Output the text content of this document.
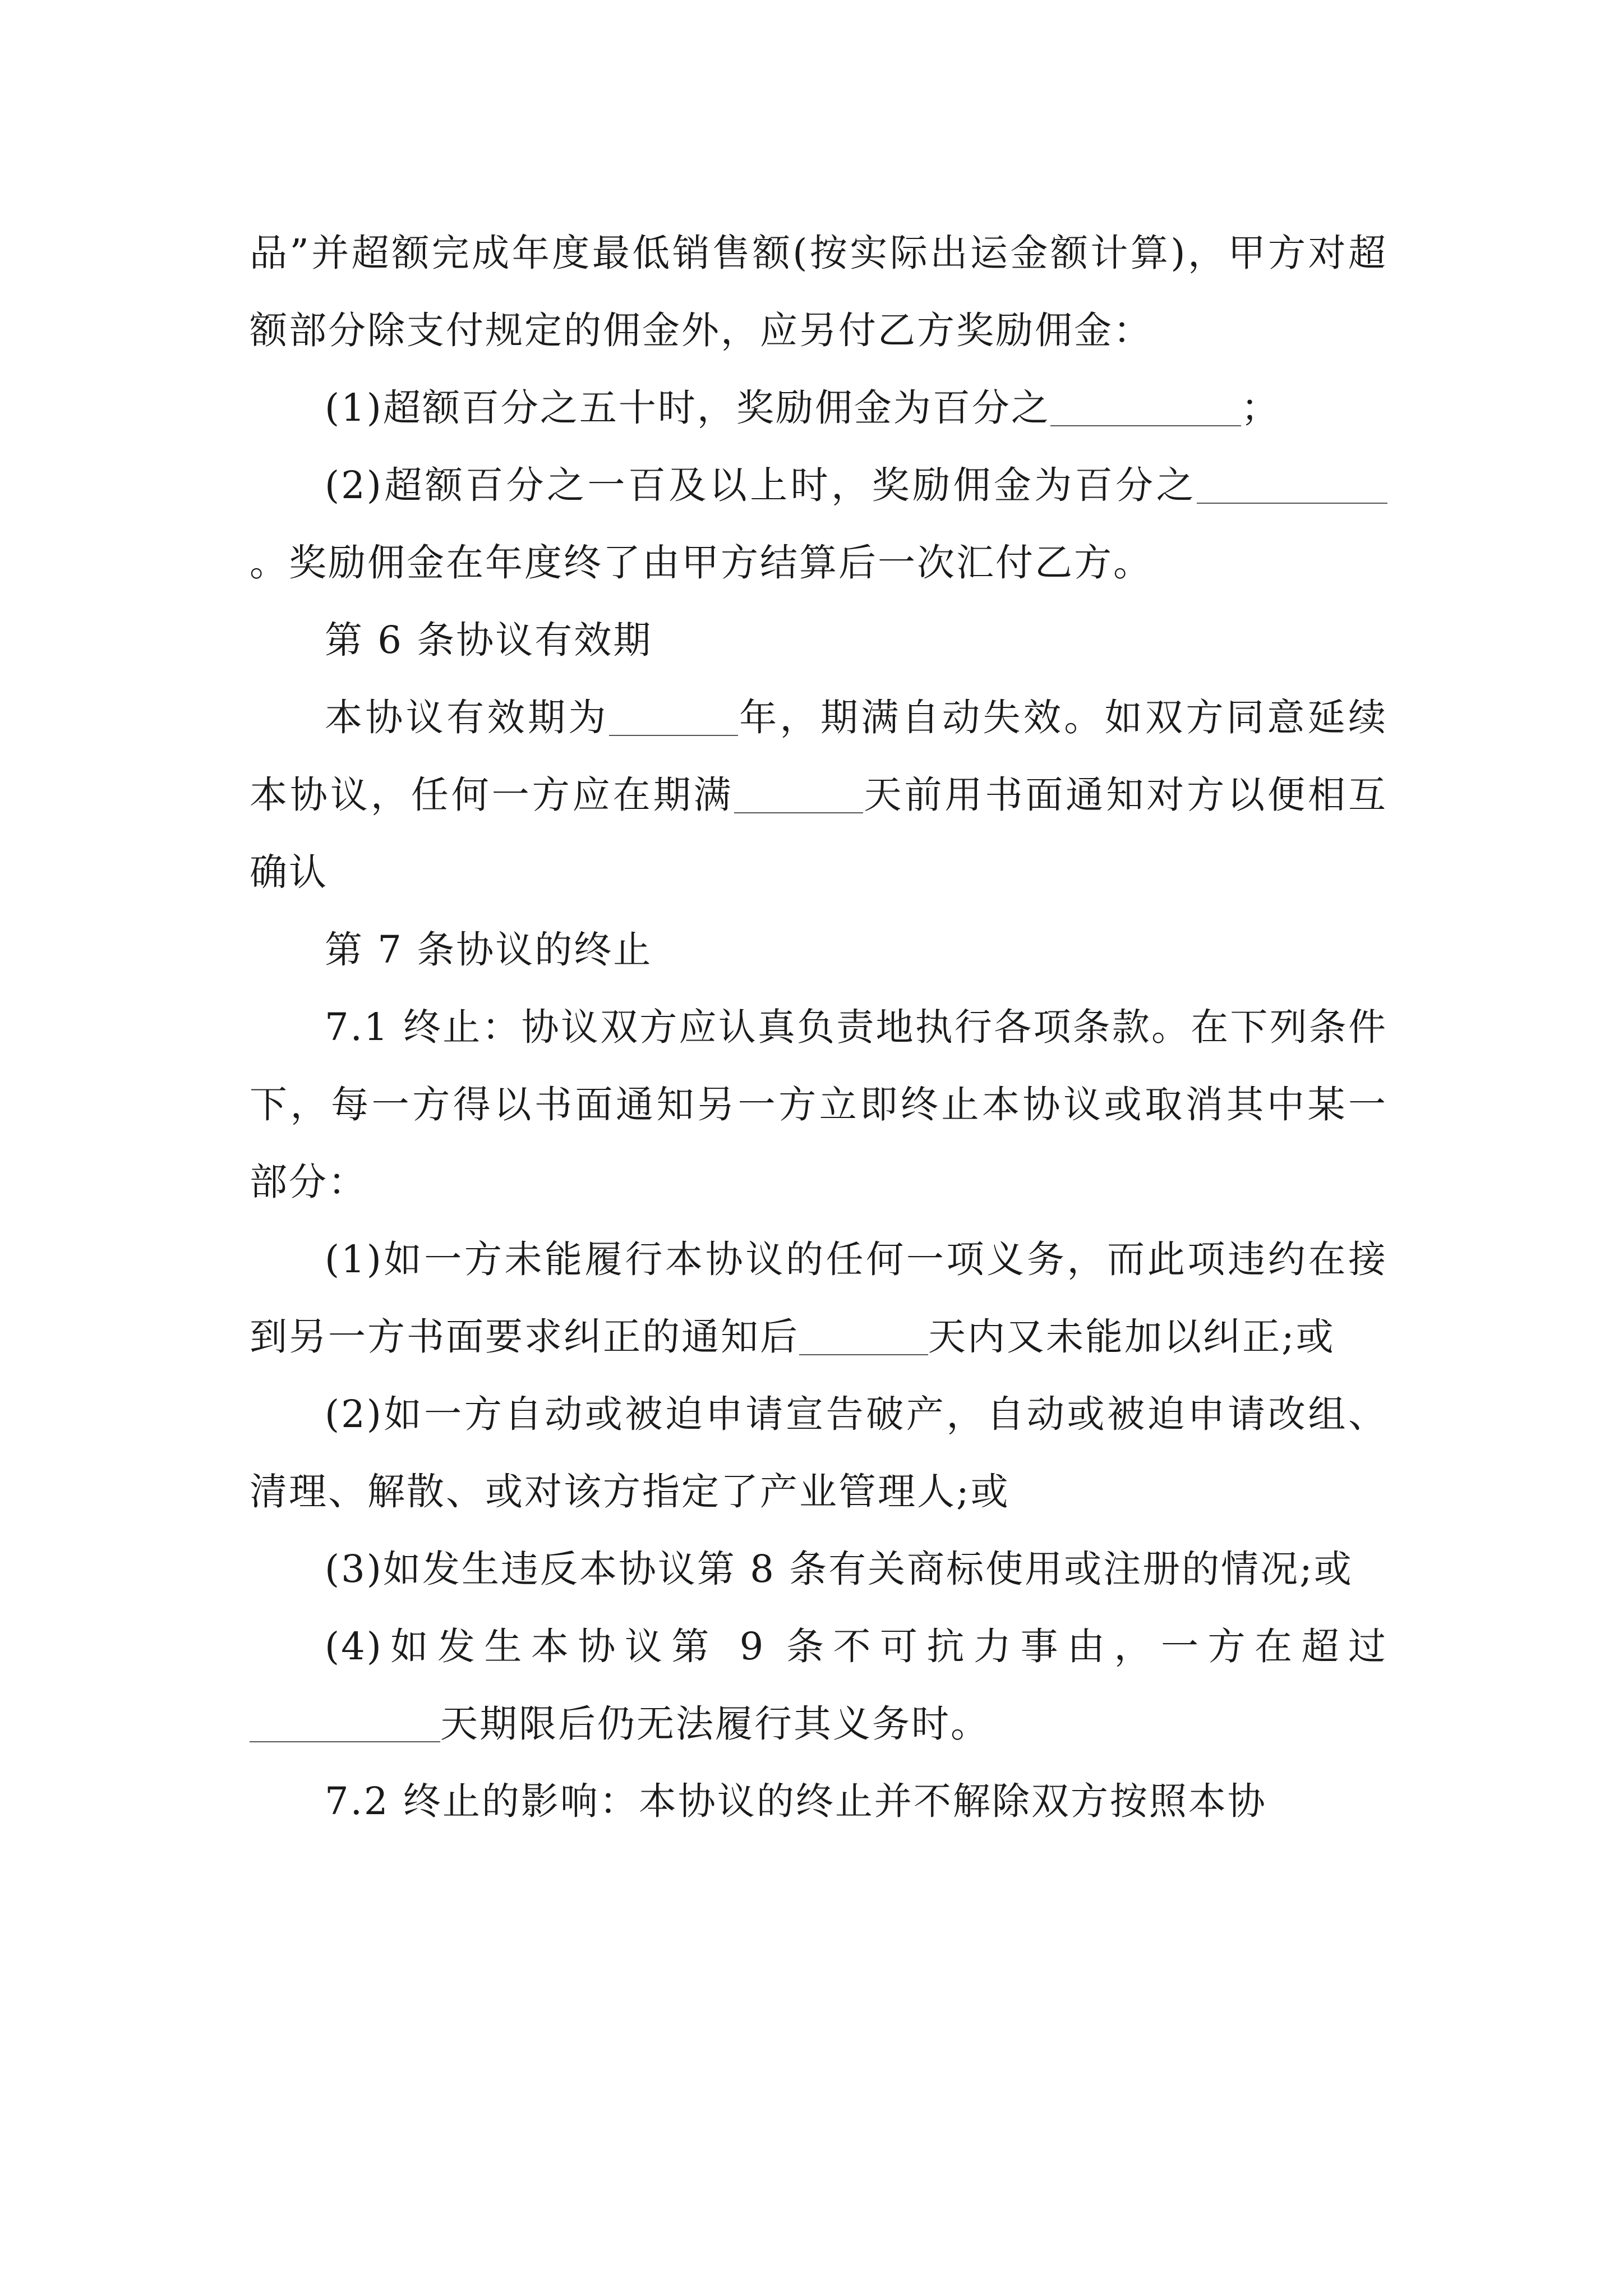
品”并超额完成年度最低销售额(按实际出运金额计算)，甲方对超额部分除支付规定的佣金外，应另付乙方奖励佣金：

(1)超额百分之五十时，奖励佣金为百分之	；

(2)超额百分之一百及以上时，奖励佣金为百分之。奖励佣金在年度终了由甲方结算后一次汇付乙方。

第 6 条协议有效期

本协议有效期为	年，期满自动失效。如双方同意延续本协议，任何一方应在期满	天前用书面通知对方以便相互确认

第 7 条协议的终止

7.1 终止：协议双方应认真负责地执行各项条款。在下列条件下，每一方得以书面通知另一方立即终止本协议或取消其中某一部分：

(1)如一方未能履行本协议的任何一项义务，而此项违约在接到另一方书面要求纠正的通知后	天内又未能加以纠正;或

(2)如一方自动或被迫申请宣告破产，自动或被迫申请改组、清理、解散、或对该方指定了产业管理人;或

(3)如发生违反本协议第 8 条有关商标使用或注册的情况;或

(4)如发生本协议第 9 条不可抗力事由，一方在超过天期限后仍无法履行其义务时。

7.2 终止的影响：本协议的终止并不解除双方按照本协
